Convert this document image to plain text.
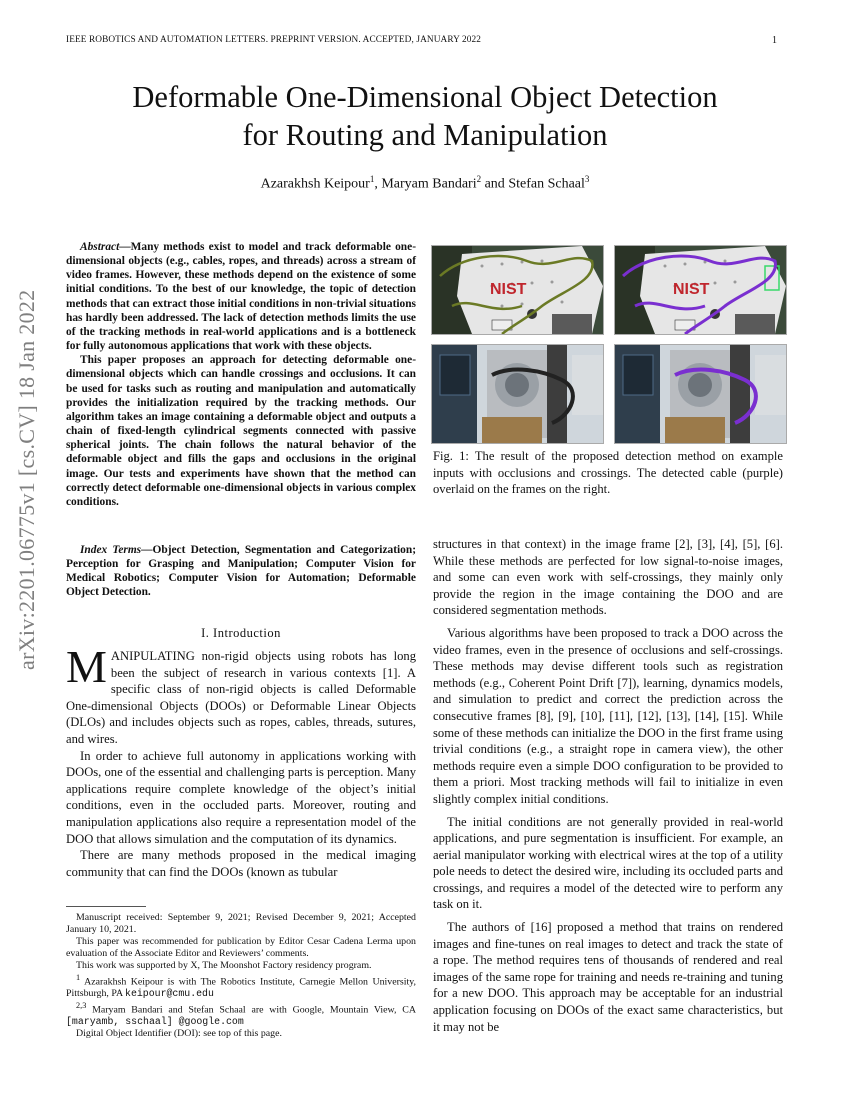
IEEE ROBOTICS AND AUTOMATION LETTERS. PREPRINT VERSION. ACCEPTED, JANUARY 2022	1
arXiv:2201.06775v1 [cs.CV] 18 Jan 2022
Deformable One-Dimensional Object Detection
for Routing and Manipulation
Azarakhsh Keipour$^1$, Maryam Bandari$^2$ and Stefan Schaal$^3$

Abstract—Many methods exist to model and track deformable one-dimensional objects (e.g., cables, ropes, and threads) across a stream of video frames. However, these methods depend on the existence of some initial conditions. To the best of our knowledge, the topic of detection methods that can extract those initial conditions in non-trivial situations has hardly been addressed. The lack of detection methods limits the use of the tracking methods in real-world applications and is a bottleneck for fully autonomous applications that work with these objects.

This paper proposes an approach for detecting deformable one-dimensional objects which can handle crossings and occlusions. It can be used for tasks such as routing and manipulation and automatically provides the initialization required by the tracking methods. Our algorithm takes an image containing a deformable object and outputs a chain of fixed-length cylindrical segments connected with passive spherical joints. The chain follows the natural behavior of the deformable object and fills the gaps and occlusions in the original image. Our tests and experiments have shown that the method can correctly detect deformable one-dimensional objects in various complex conditions.

Index Terms—Object Detection, Segmentation and Categorization; Perception for Grasping and Manipulation; Computer Vision for Medical Robotics; Computer Vision for Automation; Deformable Object Detection.
I. Introduction

MANIPULATING non-rigid objects using robots has long been the subject of research in various contexts [1]. A specific class of non-rigid objects is called Deformable One-dimensional Objects (DOOs) or Deformable Linear Objects (DLOs) and includes objects such as ropes, cables, threads, sutures, and wires.

In order to achieve full autonomy in applications working with DOOs, one of the essential and challenging parts is perception. Many applications require complete knowledge of the object’s initial conditions, even in the occluded parts. Moreover, routing and manipulation applications also require a representation model of the DOO that allows simulation and the computation of its dynamics.

There are many methods proposed in the medical imaging community that can find the DOOs (known as tubular

Manuscript received: September 9, 2021; Revised December 9, 2021; Accepted January 10, 2021.

This paper was recommended for publication by Editor Cesar Cadena Lerma upon evaluation of the Associate Editor and Reviewers’ comments.

This work was supported by X, The Moonshot Factory residency program.

$^1$ Azarakhsh Keipour is with The Robotics Institute, Carnegie Mellon University, Pittsburgh, PA keipour@cmu.edu

$^{2,3}$ Maryam Bandari and Stefan Schaal are with Google, Mountain View, CA [maryamb, sschaal] @google.com

Digital Object Identifier (DOI): see top of this page.

NIST	NIST
Fig. 1: The result of the proposed detection method on example inputs with occlusions and crossings. The detected cable (purple) overlaid on the frames on the right.

structures in that context) in the image frame [2], [3], [4], [5], [6]. While these methods are perfected for low signal-to-noise images, and some can even work with self-crossings, they mainly only provide the region in the image containing the DOO and are considered segmentation methods.

Various algorithms have been proposed to track a DOO across the video frames, even in the presence of occlusions and self-crossings. These methods may devise different tools such as registration methods (e.g., Coherent Point Drift [7]), learning, dynamics models, and simulation to predict and correct the prediction across the consecutive frames [8], [9], [10], [11], [12], [13], [14], [15]. While some of these methods can initialize the DOO in the first frame using trivial conditions (e.g., a straight rope in camera view), the other methods require even a simple DOO configuration to be provided to them a priori. Most tracking methods will fail to initialize in even slightly complex initial conditions.

The initial conditions are not generally provided in real-world applications, and pure segmentation is insufficient. For example, an aerial manipulator working with electrical wires at the top of a utility pole needs to detect the desired wire, including its occluded parts and crossings, and requires a model of the detected wire to perform any task on it.

The authors of [16] proposed a method that trains on rendered images and fine-tunes on real images to detect and track the state of a rope. The method requires tens of thousands of rendered and real images of the same rope for training and needs re-training and tuning for a new DOO. This approach may be acceptable for an industrial application focusing on DOOs of the exact same characteristics, but it may not be
